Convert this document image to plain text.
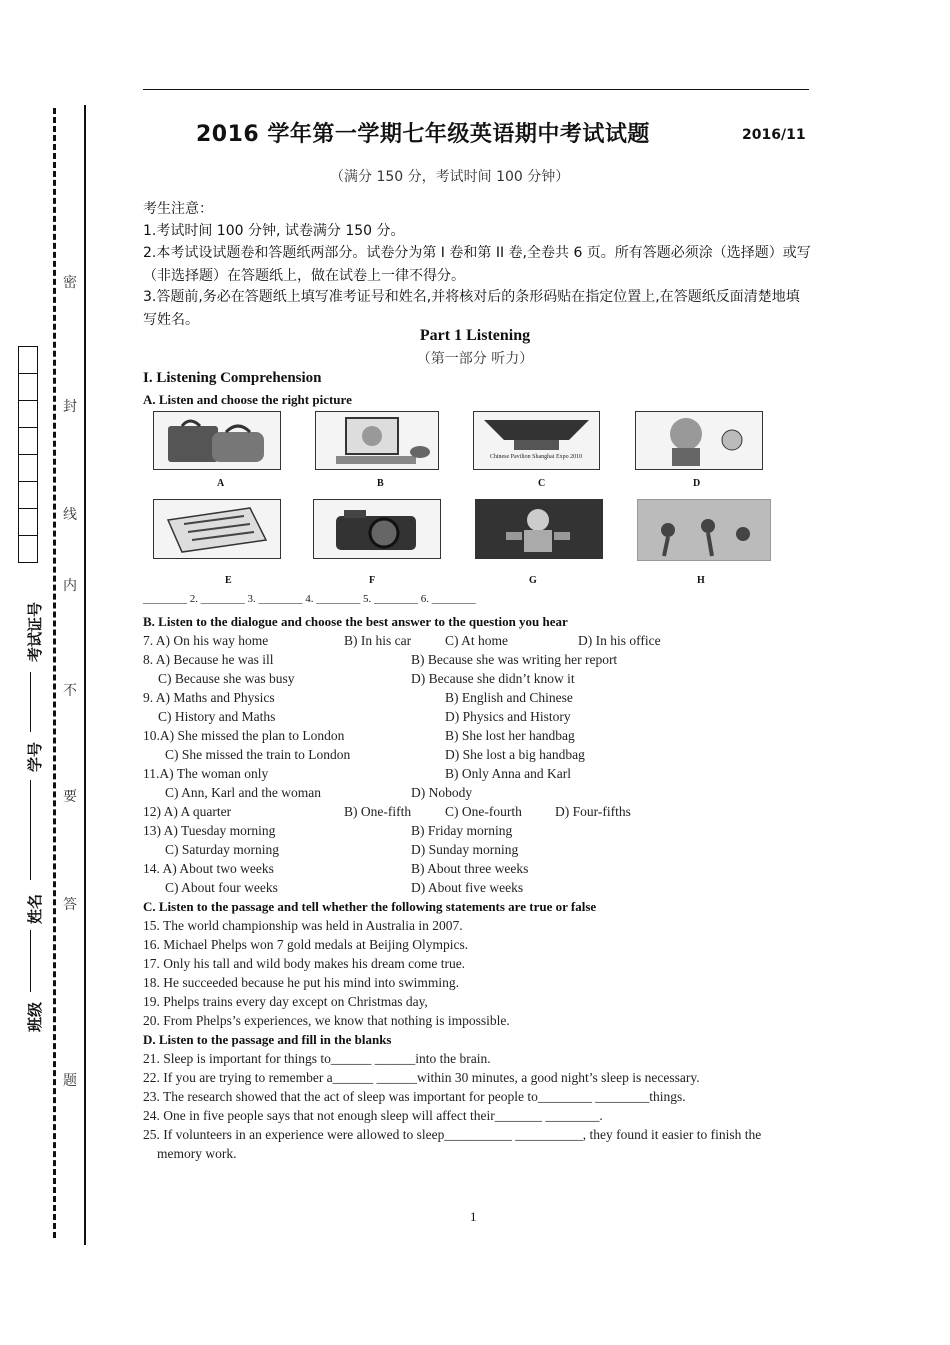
密
封
线
内
不
要
答
题
考试证号
学号
姓名
班级
2016 学年第一学期七年级英语期中考试试题	2016/11
（满分 150 分，考试时间 100 分钟）
考生注意：
1.考试时间 100 分钟, 试卷满分 150 分。
2.本考试设试题卷和答题纸两部分。试卷分为第 I 卷和第 II 卷,全卷共 6 页。所有答题必须涂（选择题）或写（非选择题）在答题纸上，做在试卷上一律不得分。
3.答题前,务必在答题纸上填写准考证号和姓名,并将核对后的条形码贴在指定位置上,在答题纸反面清楚地填写姓名。
Part 1 Listening
（第一部分 听力）
I. Listening Comprehension
A. Listen and choose the right picture
Chinese Pavilion Shanghai Expo 2010
A	B	C	D
E	F	G	H
________ 2. ________ 3. ________ 4. ________ 5. ________ 6. ________
B. Listen to the dialogue and choose the best answer to the question you hear
7. A) On his way home	B) In his car	C) At home	D) In his office
8. A) Because he was ill	B) Because she was writing her report
C) Because she was busy	D) Because she didn’t know it
9. A) Maths and Physics	B) English and Chinese
C) History and Maths	D) Physics and History
10.A) She missed the plan to London	B) She lost her handbag
C) She missed the train to London	D) She lost a big handbag
11.A) The woman only	B) Only Anna and Karl
C) Ann, Karl and the woman	D) Nobody
12) A) A quarter	B) One-fifth	C) One-fourth D) Four-fifths
13) A) Tuesday morning	B) Friday morning
C) Saturday morning	D) Sunday morning
14. A) About two weeks	B) About three weeks
C) About four weeks	D) About five weeks
C. Listen to the passage and tell whether the following statements are true or false
15. The world championship was held in Australia in 2007.
16. Michael Phelps won 7 gold medals at Beijing Olympics.
17. Only his tall and wild body makes his dream come true.
18. He succeeded because he put his mind into swimming.
19. Phelps trains every day except on Christmas day,
20. From Phelps’s experiences, we know that nothing is impossible.
D. Listen to the passage and fill in the blanks
21. Sleep is important for things to______ ______into the brain.
22. If you are trying to remember a______ ______within 30 minutes, a good night’s sleep is necessary.
23. The research showed that the act of sleep was important for people to________ ________things.
24. One in five people says that not enough sleep will affect their_______ ________.
25. If volunteers in an experience were allowed to sleep__________ __________, they found it easier to finish the
memory work.
1
